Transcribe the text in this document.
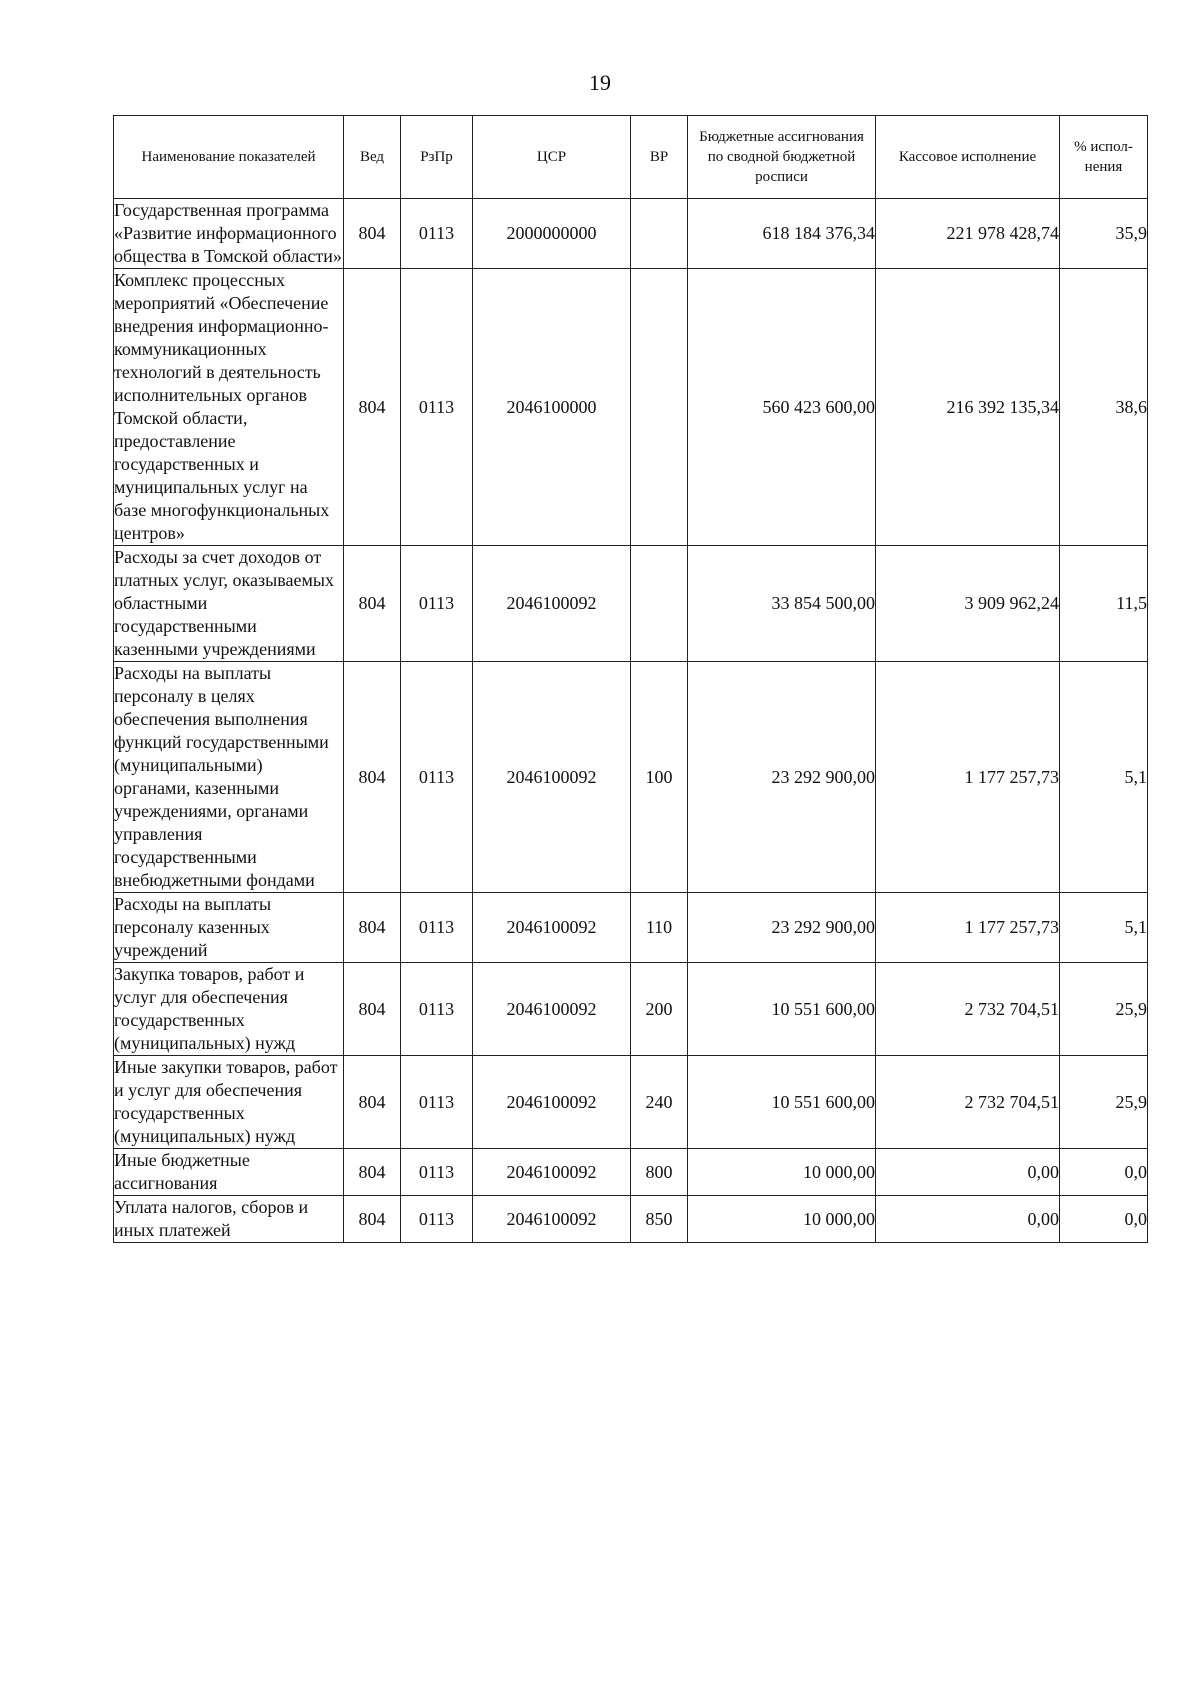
19
Наименование показателей	Вед	РзПр	ЦСР	ВР	Бюджетные ассигнования по сводной бюджетной росписи	Кассовое исполнение	% испол-нения
Государственная программа «Развитие информационного общества в Томской области»	804	0113	2000000000		618 184 376,34	221 978 428,74	35,9
Комплекс процессных мероприятий «Обеспечение внедрения информационно-коммуникационных технологий в деятельность исполнительных органов Томской области, предоставление государственных и муниципальных услуг на базе многофункциональных центров»	804	0113	2046100000		560 423 600,00	216 392 135,34	38,6
Расходы за счет доходов от платных услуг, оказываемых областными государственными казенными учреждениями	804	0113	2046100092		33 854 500,00	3 909 962,24	11,5
Расходы на выплаты персоналу в целях обеспечения выполнения функций государственными (муниципальными) органами, казенными учреждениями, органами управления государственными внебюджетными фондами	804	0113	2046100092	100	23 292 900,00	1 177 257,73	5,1
Расходы на выплаты персоналу казенных учреждений	804	0113	2046100092	110	23 292 900,00	1 177 257,73	5,1
Закупка товаров, работ и услуг для обеспечения государственных (муниципальных) нужд	804	0113	2046100092	200	10 551 600,00	2 732 704,51	25,9
Иные закупки товаров, работ и услуг для обеспечения государственных (муниципальных) нужд	804	0113	2046100092	240	10 551 600,00	2 732 704,51	25,9
Иные бюджетные ассигнования	804	0113	2046100092	800	10 000,00	0,00	0,0
Уплата налогов, сборов и иных платежей	804	0113	2046100092	850	10 000,00	0,00	0,0
